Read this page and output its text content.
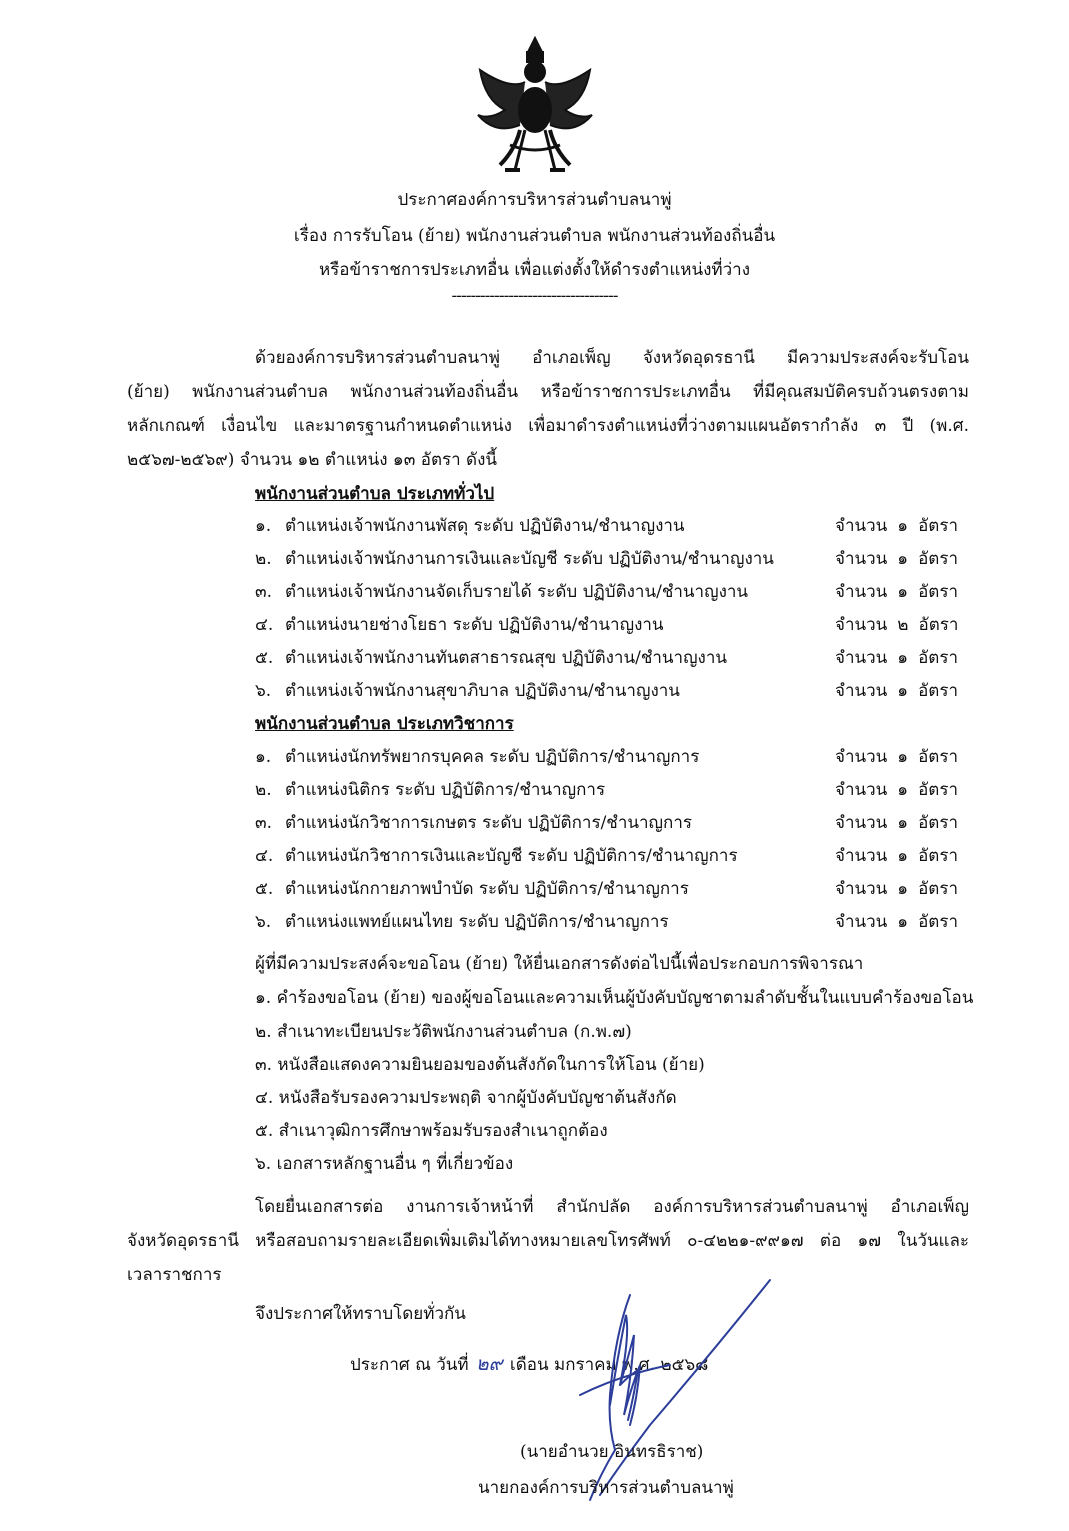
ประกาศองค์การบริหารส่วนตำบลนาพู่
เรื่อง การรับโอน (ย้าย) พนักงานส่วนตำบล พนักงานส่วนท้องถิ่นอื่น
หรือข้าราชการประเภทอื่น เพื่อแต่งตั้งให้ดำรงตำแหน่งที่ว่าง
-----------------------------------
ด้วยองค์การบริหารส่วนตำบลนาพู่ อำเภอเพ็ญ จังหวัดอุดรธานี มีความประสงค์จะรับโอน
(ย้าย) พนักงานส่วนตำบล พนักงานส่วนท้องถิ่นอื่น หรือข้าราชการประเภทอื่น ที่มีคุณสมบัติครบถ้วนตรงตาม
หลักเกณฑ์ เงื่อนไข และมาตรฐานกำหนดตำแหน่ง เพื่อมาดำรงตำแหน่งที่ว่างตามแผนอัตรากำลัง ๓ ปี (พ.ศ.
๒๕๖๗-๒๕๖๙) จำนวน ๑๒ ตำแหน่ง ๑๓ อัตรา ดังนี้
พนักงานส่วนตำบล ประเภททั่วไป
๑. ตำแหน่งเจ้าพนักงานพัสดุ ระดับ ปฏิบัติงาน/ชำนาญงาน	จำนวน ๑ อัตรา
๒. ตำแหน่งเจ้าพนักงานการเงินและบัญชี ระดับ ปฏิบัติงาน/ชำนาญงาน	จำนวน ๑ อัตรา
๓. ตำแหน่งเจ้าพนักงานจัดเก็บรายได้ ระดับ ปฏิบัติงาน/ชำนาญงาน	จำนวน ๑ อัตรา
๔. ตำแหน่งนายช่างโยธา ระดับ ปฏิบัติงาน/ชำนาญงาน	จำนวน ๒ อัตรา
๕. ตำแหน่งเจ้าพนักงานทันตสาธารณสุข ปฏิบัติงาน/ชำนาญงาน	จำนวน ๑ อัตรา
๖. ตำแหน่งเจ้าพนักงานสุขาภิบาล ปฏิบัติงาน/ชำนาญงาน	จำนวน ๑ อัตรา
พนักงานส่วนตำบล ประเภทวิชาการ
๑. ตำแหน่งนักทรัพยากรบุคคล ระดับ ปฏิบัติการ/ชำนาญการ	จำนวน ๑ อัตรา
๒. ตำแหน่งนิติกร ระดับ ปฏิบัติการ/ชำนาญการ	จำนวน ๑ อัตรา
๓. ตำแหน่งนักวิชาการเกษตร ระดับ ปฏิบัติการ/ชำนาญการ	จำนวน ๑ อัตรา
๔. ตำแหน่งนักวิชาการเงินและบัญชี ระดับ ปฏิบัติการ/ชำนาญการ	จำนวน ๑ อัตรา
๕. ตำแหน่งนักกายภาพบำบัด ระดับ ปฏิบัติการ/ชำนาญการ	จำนวน ๑ อัตรา
๖. ตำแหน่งแพทย์แผนไทย ระดับ ปฏิบัติการ/ชำนาญการ	จำนวน ๑ อัตรา
ผู้ที่มีความประสงค์จะขอโอน (ย้าย) ให้ยื่นเอกสารดังต่อไปนี้เพื่อประกอบการพิจารณา
๑. คำร้องขอโอน (ย้าย) ของผู้ขอโอนและความเห็นผู้บังคับบัญชาตามลำดับชั้นในแบบคำร้องขอโอน
๒. สำเนาทะเบียนประวัติพนักงานส่วนตำบล (ก.พ.๗)
๓. หนังสือแสดงความยินยอมของต้นสังกัดในการให้โอน (ย้าย)
๔. หนังสือรับรองความประพฤติ จากผู้บังคับบัญชาต้นสังกัด
๕. สำเนาวุฒิการศึกษาพร้อมรับรองสำเนาถูกต้อง
๖. เอกสารหลักฐานอื่น ๆ ที่เกี่ยวข้อง
โดยยื่นเอกสารต่อ งานการเจ้าหน้าที่ สำนักปลัด องค์การบริหารส่วนตำบลนาพู่ อำเภอเพ็ญ
จังหวัดอุดรธานี หรือสอบถามรายละเอียดเพิ่มเติมได้ทางหมายเลขโทรศัพท์ ๐-๔๒๒๑-๙๙๑๗ ต่อ ๑๗ ในวันและ
เวลาราชการ
จึงประกาศให้ทราบโดยทั่วกัน
ประกาศ ณ วันที่ ๒๙ เดือน มกราคม พ.ศ. ๒๕๖๘
(นายอำนวย อินทรธิราช)
นายกองค์การบริหารส่วนตำบลนาพู่
